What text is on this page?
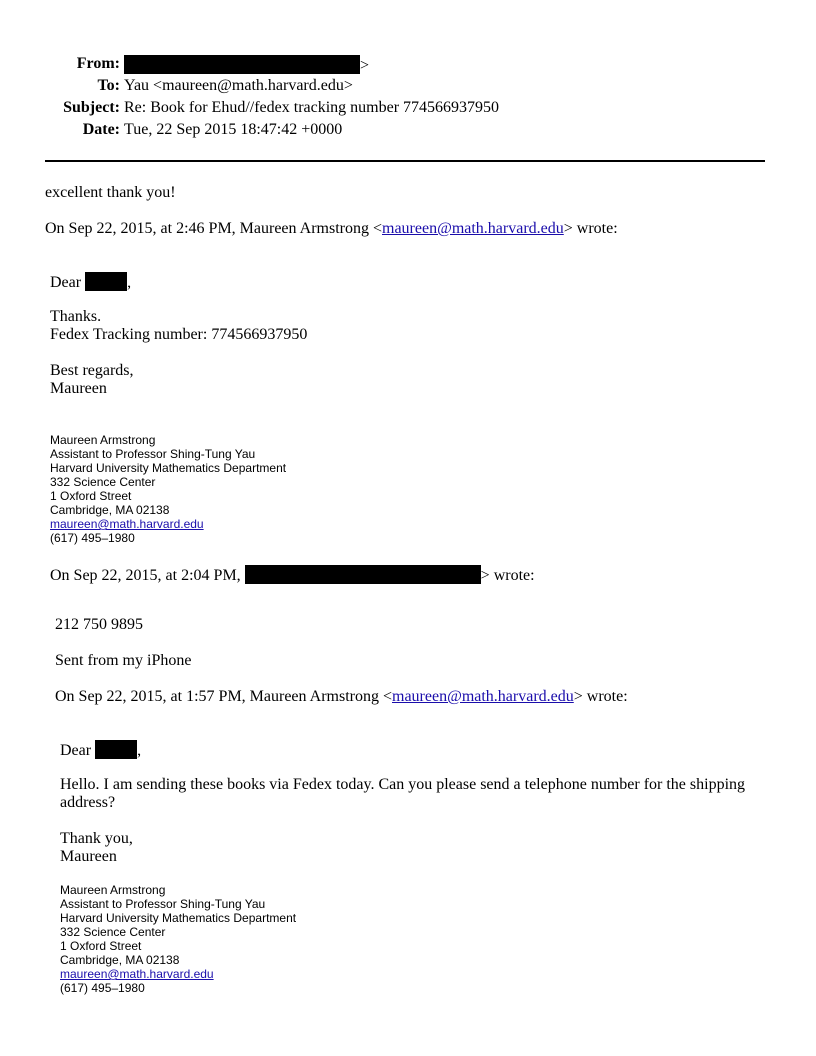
From:	>
To: Yau <maureen@math.harvard.edu>
Subject: Re: Book for Ehud//fedex tracking number 774566937950
Date: Tue, 22 Sep 2015 18:47:42 +0000
excellent thank you!
On Sep 22, 2015, at 2:46 PM, Maureen Armstrong <maureen@math.harvard.edu> wrote:
Dear	,
Thanks.
Fedex Tracking number: 774566937950
Best regards,
Maureen
Maureen Armstrong
Assistant to Professor Shing-Tung Yau
Harvard University Mathematics Department
332 Science Center
1 Oxford Street
Cambridge, MA 02138
maureen@math.harvard.edu
(617) 495–1980
On Sep 22, 2015, at 2:04 PM,	> wrote:
212 750 9895
Sent from my iPhone
On Sep 22, 2015, at 1:57 PM, Maureen Armstrong <maureen@math.harvard.edu> wrote:
Dear	,
Hello. I am sending these books via Fedex today. Can you please send a telephone number for the shipping
address?
Thank you,
Maureen
Maureen Armstrong
Assistant to Professor Shing-Tung Yau
Harvard University Mathematics Department
332 Science Center
1 Oxford Street
Cambridge, MA 02138
maureen@math.harvard.edu
(617) 495–1980
